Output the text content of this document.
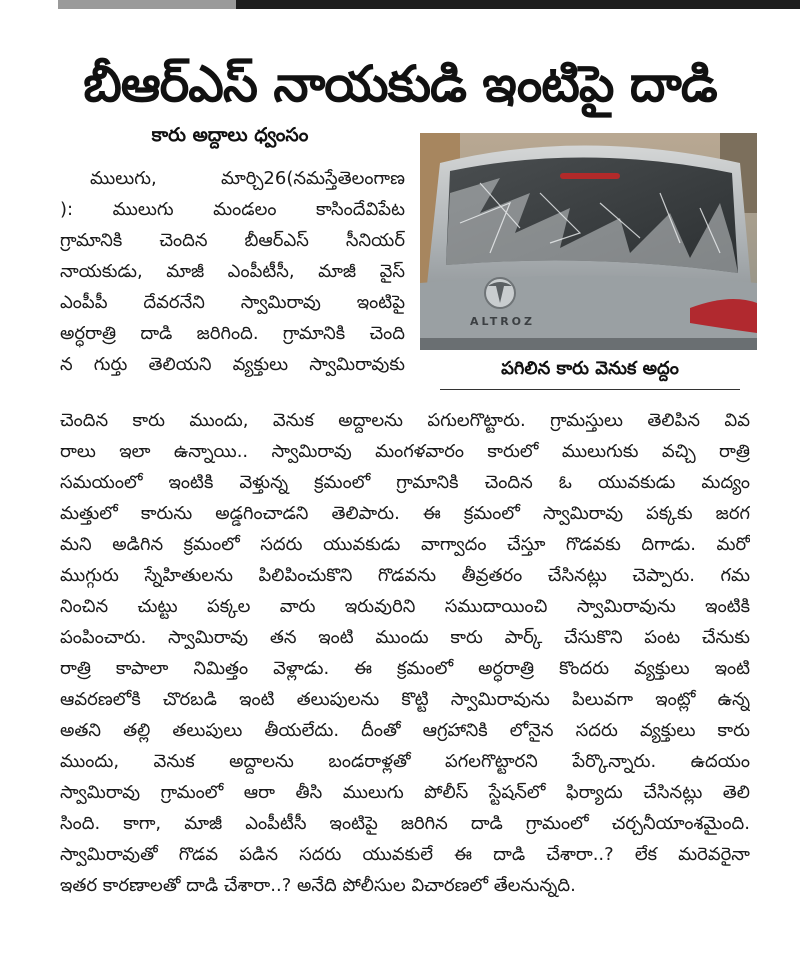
బీఆర్ఎస్ నాయకుడి ఇంటిపై దాడి
కారు అద్దాలు ధ్వంసం
ALTROZ
పగిలిన కారు వెనుక అద్దం
ములుగు, మార్చి26(నమస్తేతెలంగాణ
): ములుగు మండలం కాసిందేవిపేట
గ్రామానికి చెందిన బీఆర్ఎస్ సీనియర్
నాయకుడు, మాజీ ఎంపీటీసీ, మాజీ వైస్
ఎంపీపీ దేవరనేని స్వామిరావు ఇంటిపై
అర్ధరాత్రి దాడి జరిగింది. గ్రామానికి చెంది
న గుర్తు తెలియని వ్యక్తులు స్వామిరావుకు
చెందిన కారు ముందు, వెనుక అద్దాలను పగులగొట్టారు. గ్రామస్తులు తెలిపిన వివ
రాలు ఇలా ఉన్నాయి.. స్వామిరావు మంగళవారం కారులో ములుగుకు వచ్చి రాత్రి
సమయంలో ఇంటికి వెళ్తున్న క్రమంలో గ్రామానికి చెందిన ఓ యువకుడు మద్యం
మత్తులో కారును అడ్డగించాడని తెలిపారు. ఈ క్రమంలో స్వామిరావు పక్కకు జరగ
మని అడిగిన క్రమంలో సదరు యువకుడు వాగ్వాదం చేస్తూ గొడవకు దిగాడు. మరో
ముగ్గురు స్నేహితులను పిలిపించుకొని గొడవను తీవ్రతరం చేసినట్లు చెప్పారు. గమ
నించిన చుట్టు పక్కల వారు ఇరువురిని సముదాయించి స్వామిరావును ఇంటికి
పంపించారు. స్వామిరావు తన ఇంటి ముందు కారు పార్క్ చేసుకొని పంట చేనుకు
రాత్రి కాపాలా నిమిత్తం వెళ్లాడు. ఈ క్రమంలో అర్ధరాత్రి కొందరు వ్యక్తులు ఇంటి
ఆవరణలోకి చొరబడి ఇంటి తలుపులను కొట్టి స్వామిరావును పిలువగా ఇంట్లో ఉన్న
అతని తల్లి తలుపులు తీయలేదు. దీంతో ఆగ్రహానికి లోనైన సదరు వ్యక్తులు కారు
ముందు, వెనుక అద్దాలను బండరాళ్లతో పగలగొట్టారని పేర్కొన్నారు. ఉదయం
స్వామిరావు గ్రామంలో ఆరా తీసి ములుగు పోలీస్ స్టేషన్‌లో ఫిర్యాదు చేసినట్లు తెలి
సింది. కాగా, మాజీ ఎంపీటీసీ ఇంటిపై జరిగిన దాడి గ్రామంలో చర్చనీయాంశమైంది.
స్వామిరావుతో గొడవ పడిన సదరు యువకులే ఈ దాడి చేశారా..? లేక మరెవరైనా
ఇతర కారణాలతో దాడి చేశారా..? అనేది పోలీసుల విచారణలో తేలనున్నది.
